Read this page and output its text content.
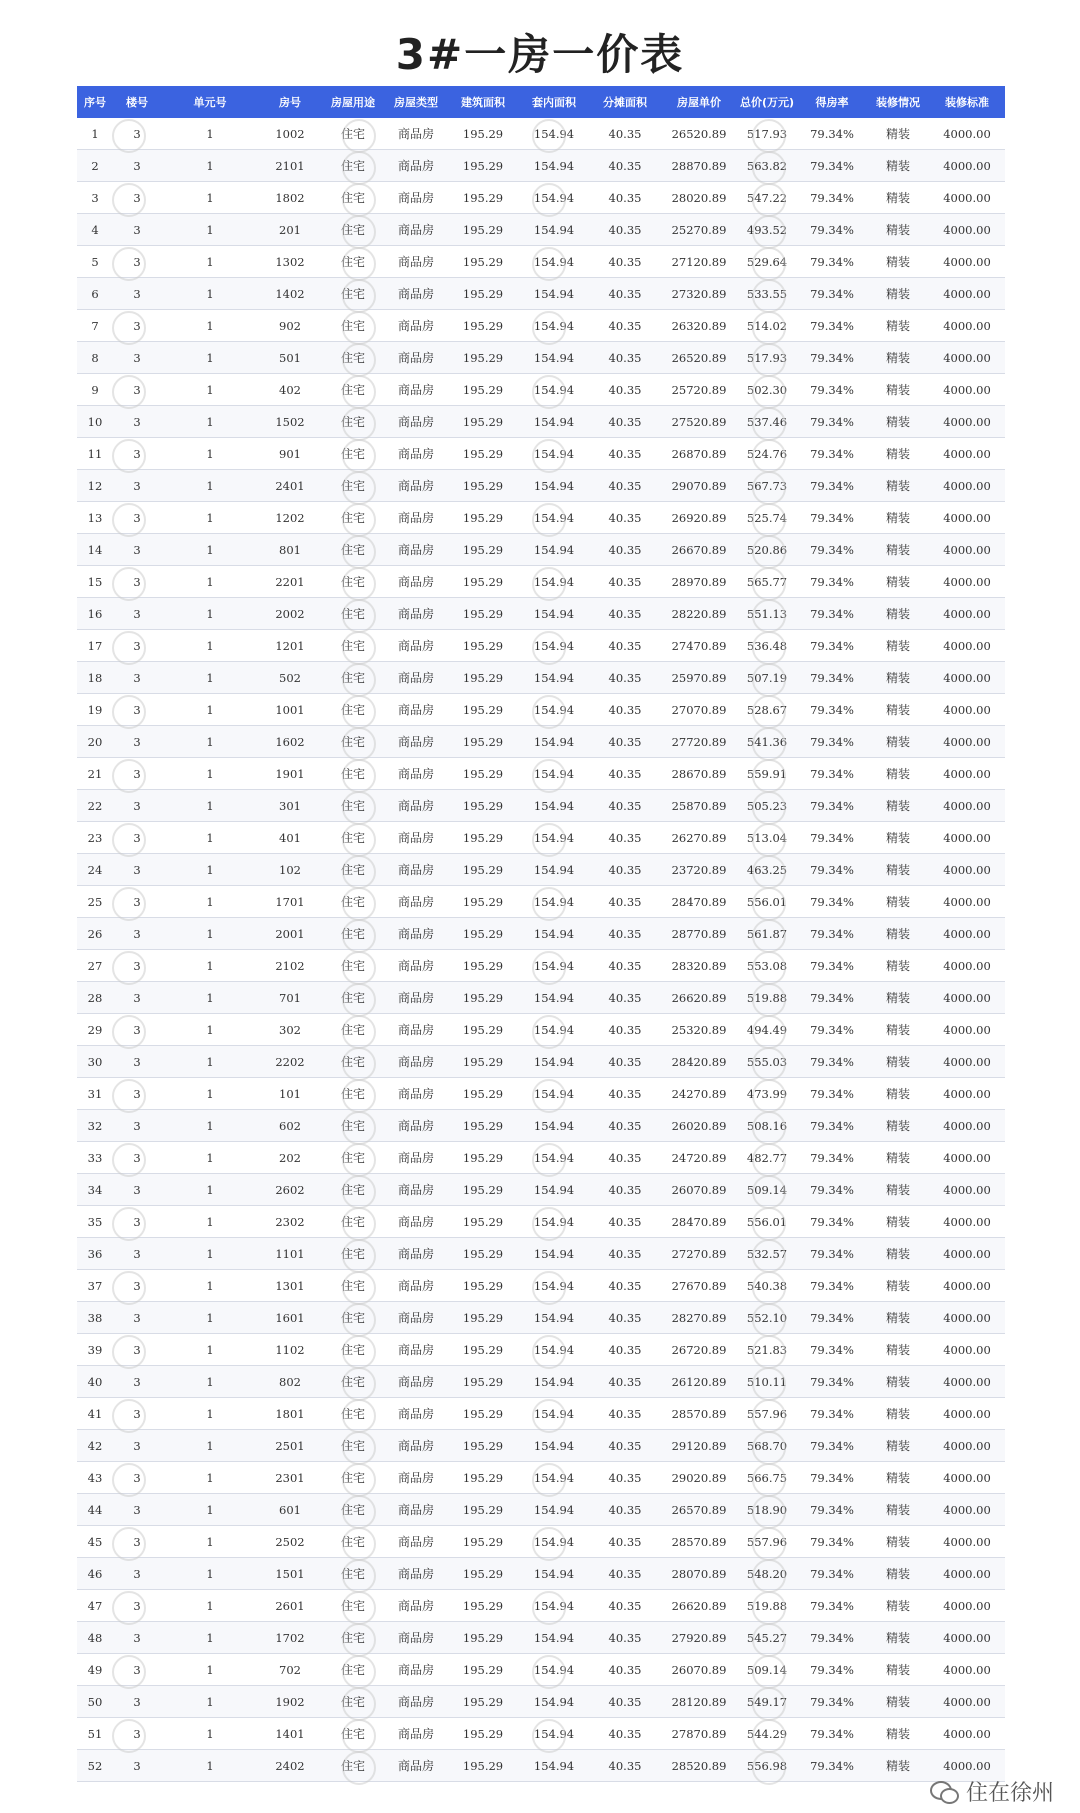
3#一房一价表
序号	楼号	单元号	房号	房屋用途	房屋类型	建筑面积	套内面积	分摊面积	房屋单价	总价(万元)	得房率	装修情况	装修标准
1	3	1	1002	住宅	商品房	195.29	154.94	40.35	26520.89	517.93	79.34%	精装	4000.00
2	3	1	2101	住宅	商品房	195.29	154.94	40.35	28870.89	563.82	79.34%	精装	4000.00
3	3	1	1802	住宅	商品房	195.29	154.94	40.35	28020.89	547.22	79.34%	精装	4000.00
4	3	1	201	住宅	商品房	195.29	154.94	40.35	25270.89	493.52	79.34%	精装	4000.00
5	3	1	1302	住宅	商品房	195.29	154.94	40.35	27120.89	529.64	79.34%	精装	4000.00
6	3	1	1402	住宅	商品房	195.29	154.94	40.35	27320.89	533.55	79.34%	精装	4000.00
7	3	1	902	住宅	商品房	195.29	154.94	40.35	26320.89	514.02	79.34%	精装	4000.00
8	3	1	501	住宅	商品房	195.29	154.94	40.35	26520.89	517.93	79.34%	精装	4000.00
9	3	1	402	住宅	商品房	195.29	154.94	40.35	25720.89	502.30	79.34%	精装	4000.00
10	3	1	1502	住宅	商品房	195.29	154.94	40.35	27520.89	537.46	79.34%	精装	4000.00
11	3	1	901	住宅	商品房	195.29	154.94	40.35	26870.89	524.76	79.34%	精装	4000.00
12	3	1	2401	住宅	商品房	195.29	154.94	40.35	29070.89	567.73	79.34%	精装	4000.00
13	3	1	1202	住宅	商品房	195.29	154.94	40.35	26920.89	525.74	79.34%	精装	4000.00
14	3	1	801	住宅	商品房	195.29	154.94	40.35	26670.89	520.86	79.34%	精装	4000.00
15	3	1	2201	住宅	商品房	195.29	154.94	40.35	28970.89	565.77	79.34%	精装	4000.00
16	3	1	2002	住宅	商品房	195.29	154.94	40.35	28220.89	551.13	79.34%	精装	4000.00
17	3	1	1201	住宅	商品房	195.29	154.94	40.35	27470.89	536.48	79.34%	精装	4000.00
18	3	1	502	住宅	商品房	195.29	154.94	40.35	25970.89	507.19	79.34%	精装	4000.00
19	3	1	1001	住宅	商品房	195.29	154.94	40.35	27070.89	528.67	79.34%	精装	4000.00
20	3	1	1602	住宅	商品房	195.29	154.94	40.35	27720.89	541.36	79.34%	精装	4000.00
21	3	1	1901	住宅	商品房	195.29	154.94	40.35	28670.89	559.91	79.34%	精装	4000.00
22	3	1	301	住宅	商品房	195.29	154.94	40.35	25870.89	505.23	79.34%	精装	4000.00
23	3	1	401	住宅	商品房	195.29	154.94	40.35	26270.89	513.04	79.34%	精装	4000.00
24	3	1	102	住宅	商品房	195.29	154.94	40.35	23720.89	463.25	79.34%	精装	4000.00
25	3	1	1701	住宅	商品房	195.29	154.94	40.35	28470.89	556.01	79.34%	精装	4000.00
26	3	1	2001	住宅	商品房	195.29	154.94	40.35	28770.89	561.87	79.34%	精装	4000.00
27	3	1	2102	住宅	商品房	195.29	154.94	40.35	28320.89	553.08	79.34%	精装	4000.00
28	3	1	701	住宅	商品房	195.29	154.94	40.35	26620.89	519.88	79.34%	精装	4000.00
29	3	1	302	住宅	商品房	195.29	154.94	40.35	25320.89	494.49	79.34%	精装	4000.00
30	3	1	2202	住宅	商品房	195.29	154.94	40.35	28420.89	555.03	79.34%	精装	4000.00
31	3	1	101	住宅	商品房	195.29	154.94	40.35	24270.89	473.99	79.34%	精装	4000.00
32	3	1	602	住宅	商品房	195.29	154.94	40.35	26020.89	508.16	79.34%	精装	4000.00
33	3	1	202	住宅	商品房	195.29	154.94	40.35	24720.89	482.77	79.34%	精装	4000.00
34	3	1	2602	住宅	商品房	195.29	154.94	40.35	26070.89	509.14	79.34%	精装	4000.00
35	3	1	2302	住宅	商品房	195.29	154.94	40.35	28470.89	556.01	79.34%	精装	4000.00
36	3	1	1101	住宅	商品房	195.29	154.94	40.35	27270.89	532.57	79.34%	精装	4000.00
37	3	1	1301	住宅	商品房	195.29	154.94	40.35	27670.89	540.38	79.34%	精装	4000.00
38	3	1	1601	住宅	商品房	195.29	154.94	40.35	28270.89	552.10	79.34%	精装	4000.00
39	3	1	1102	住宅	商品房	195.29	154.94	40.35	26720.89	521.83	79.34%	精装	4000.00
40	3	1	802	住宅	商品房	195.29	154.94	40.35	26120.89	510.11	79.34%	精装	4000.00
41	3	1	1801	住宅	商品房	195.29	154.94	40.35	28570.89	557.96	79.34%	精装	4000.00
42	3	1	2501	住宅	商品房	195.29	154.94	40.35	29120.89	568.70	79.34%	精装	4000.00
43	3	1	2301	住宅	商品房	195.29	154.94	40.35	29020.89	566.75	79.34%	精装	4000.00
44	3	1	601	住宅	商品房	195.29	154.94	40.35	26570.89	518.90	79.34%	精装	4000.00
45	3	1	2502	住宅	商品房	195.29	154.94	40.35	28570.89	557.96	79.34%	精装	4000.00
46	3	1	1501	住宅	商品房	195.29	154.94	40.35	28070.89	548.20	79.34%	精装	4000.00
47	3	1	2601	住宅	商品房	195.29	154.94	40.35	26620.89	519.88	79.34%	精装	4000.00
48	3	1	1702	住宅	商品房	195.29	154.94	40.35	27920.89	545.27	79.34%	精装	4000.00
49	3	1	702	住宅	商品房	195.29	154.94	40.35	26070.89	509.14	79.34%	精装	4000.00
50	3	1	1902	住宅	商品房	195.29	154.94	40.35	28120.89	549.17	79.34%	精装	4000.00
51	3	1	1401	住宅	商品房	195.29	154.94	40.35	27870.89	544.29	79.34%	精装	4000.00
52	3	1	2402	住宅	商品房	195.29	154.94	40.35	28520.89	556.98	79.34%	精装	4000.00
住在徐州
